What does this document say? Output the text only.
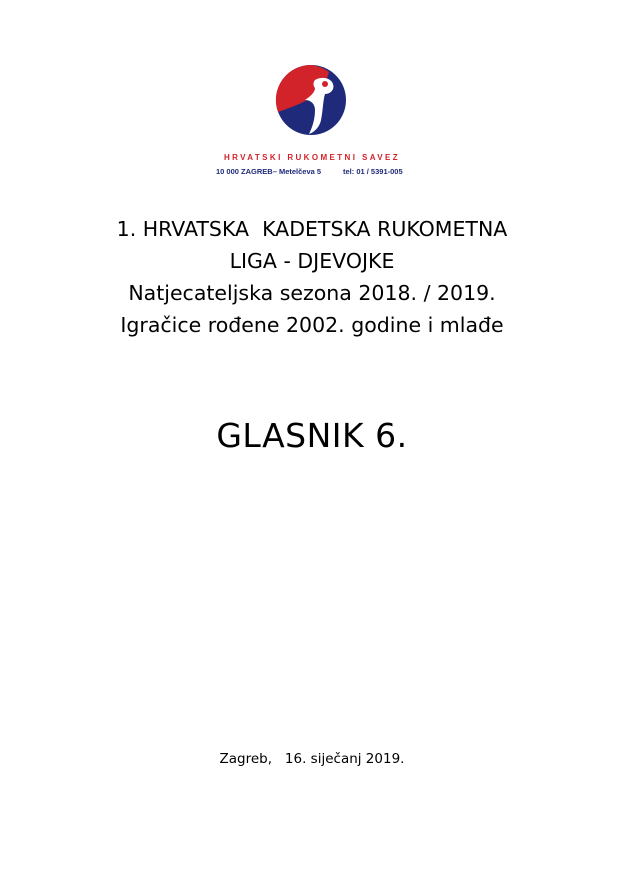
HRVATSKI RUKOMETNI SAVEZ
10 000 ZAGREB– Metelčeva 5	tel: 01 / 5391-005
1. HRVATSKA  KADETSKA RUKOMETNA
LIGA - DJEVOJKE
Natjecateljska sezona 2018. / 2019.
Igračice rođene 2002. godine i mlađe
GLASNIK 6.
Zagreb,   16. siječanj 2019.
